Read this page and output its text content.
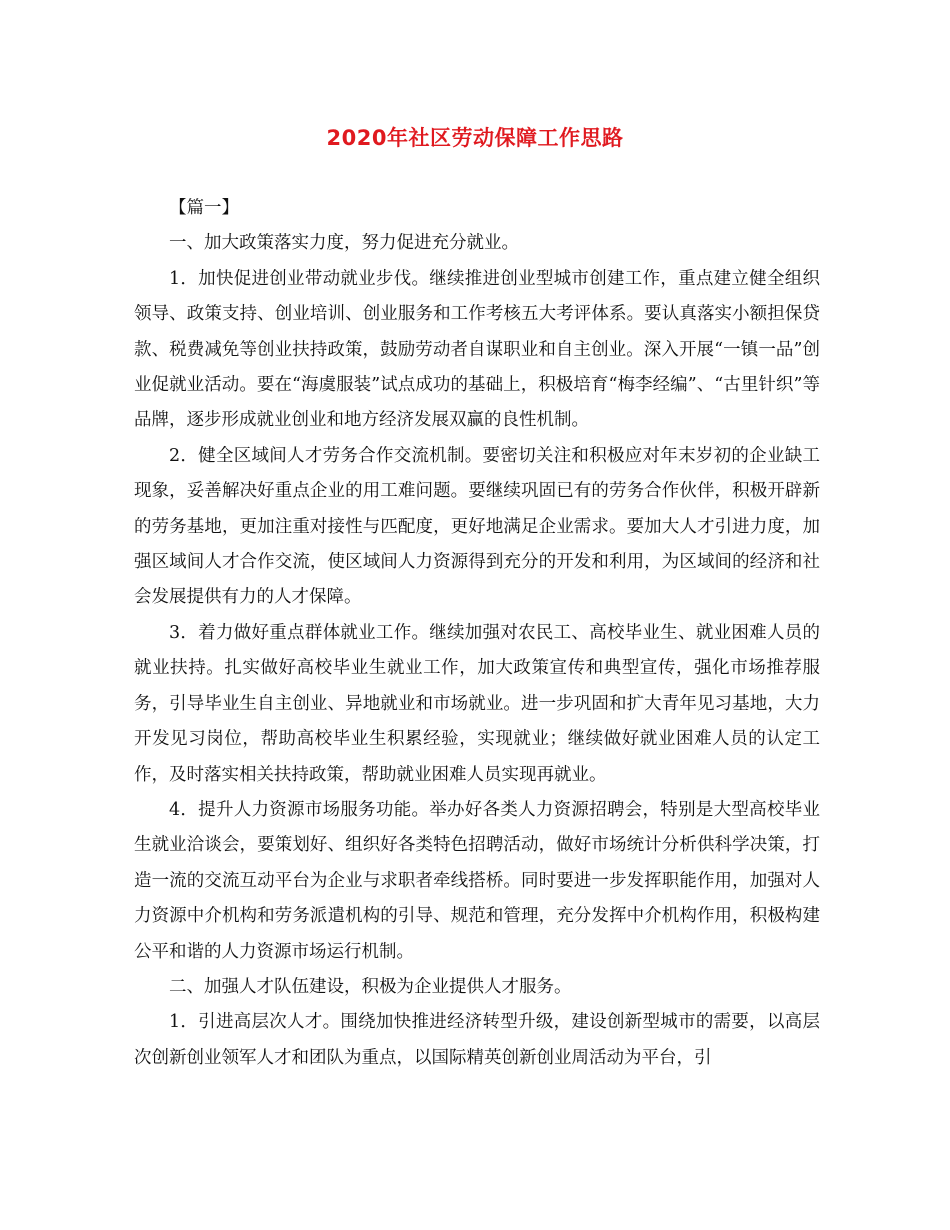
2020年社区劳动保障工作思路

【篇一】

一、加大政策落实力度，努力促进充分就业。

1．加快促进创业带动就业步伐。继续推进创业型城市创建工作，重点建立健全组织领导、政策支持、创业培训、创业服务和工作考核五大考评体系。要认真落实小额担保贷款、税费减免等创业扶持政策，鼓励劳动者自谋职业和自主创业。深入开展“一镇一品”创业促就业活动。要在“海虞服装”试点成功的基础上，积极培育“梅李经编”、“古里针织”等品牌，逐步形成就业创业和地方经济发展双赢的良性机制。

2．健全区域间人才劳务合作交流机制。要密切关注和积极应对年末岁初的企业缺工现象，妥善解决好重点企业的用工难问题。要继续巩固已有的劳务合作伙伴，积极开辟新的劳务基地，更加注重对接性与匹配度，更好地满足企业需求。要加大人才引进力度，加强区域间人才合作交流，使区域间人力资源得到充分的开发和利用，为区域间的经济和社会发展提供有力的人才保障。

3．着力做好重点群体就业工作。继续加强对农民工、高校毕业生、就业困难人员的就业扶持。扎实做好高校毕业生就业工作，加大政策宣传和典型宣传，强化市场推荐服务，引导毕业生自主创业、异地就业和市场就业。进一步巩固和扩大青年见习基地，大力开发见习岗位，帮助高校毕业生积累经验，实现就业；继续做好就业困难人员的认定工作，及时落实相关扶持政策，帮助就业困难人员实现再就业。

4．提升人力资源市场服务功能。举办好各类人力资源招聘会，特别是大型高校毕业生就业洽谈会，要策划好、组织好各类特色招聘活动，做好市场统计分析供科学决策，打造一流的交流互动平台为企业与求职者牵线搭桥。同时要进一步发挥职能作用，加强对人力资源中介机构和劳务派遣机构的引导、规范和管理，充分发挥中介机构作用，积极构建公平和谐的人力资源市场运行机制。

二、加强人才队伍建设，积极为企业提供人才服务。

1．引进高层次人才。围绕加快推进经济转型升级，建设创新型城市的需要，以高层次创新创业领军人才和团队为重点，以国际精英创新创业周活动为平台，引
